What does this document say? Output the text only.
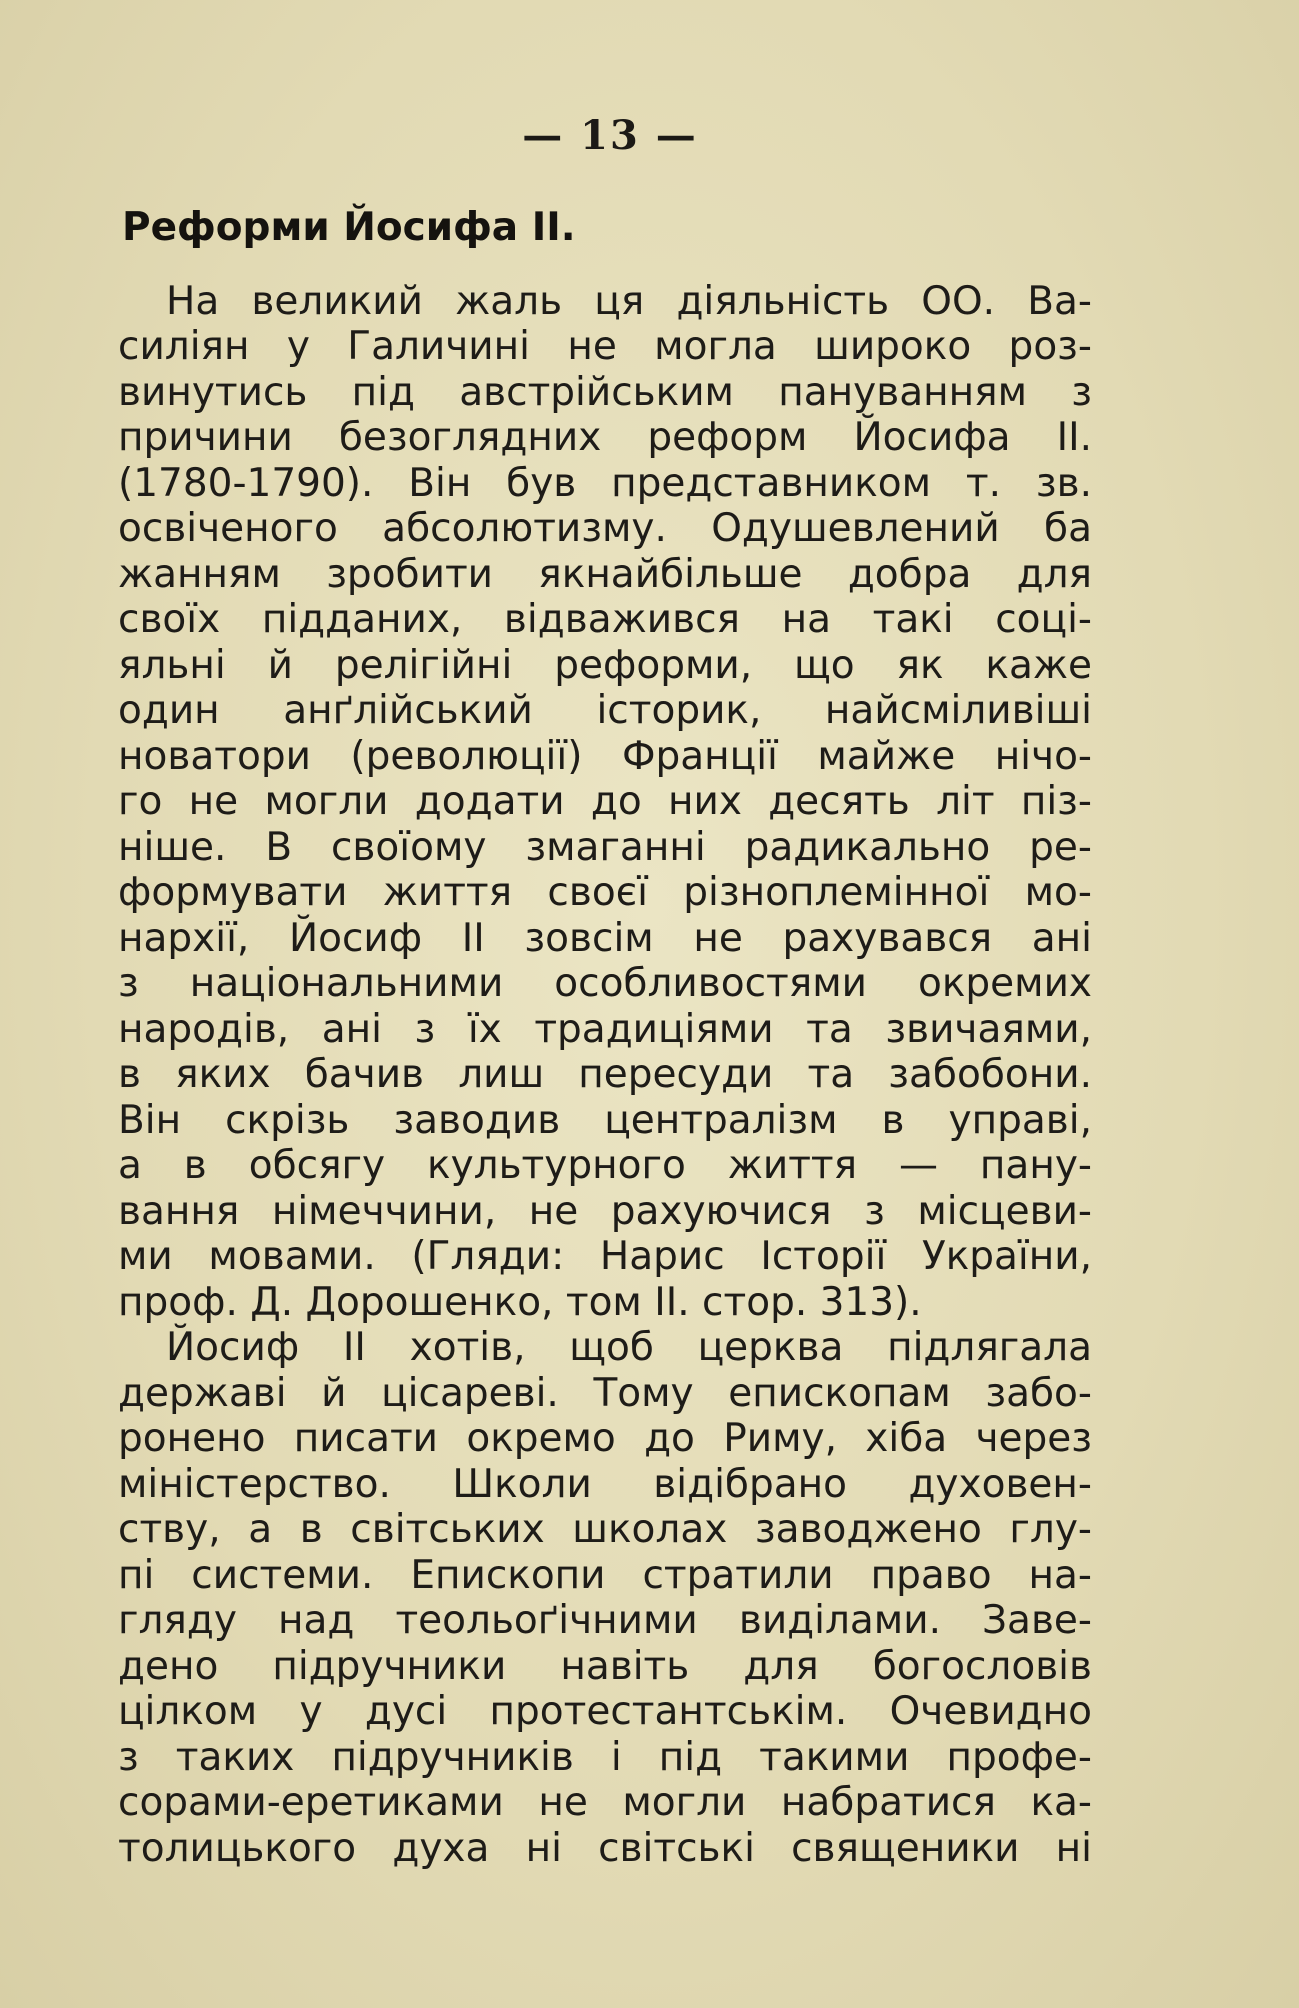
— 13 —
Реформи Йосифа II.
На великий жаль ця діяльність ОО. Ва-
силіян у Галичині не могла широко роз-
винутись під австрійським пануванням з
причини безоглядних реформ Йосифа II.
(1780-1790). Він був представником т. зв.
освіченого абсолютизму. Одушевлений ба
жанням зробити якнайбільше добра для
своїх підданих, відважився на такі соці-
яльні й релігійні реформи, що як каже
один анґлійський історик, найсміливіші
новатори (революції) Франції майже нічо-
го не могли додати до них десять літ піз-
ніше. В своїому змаганні радикально ре-
формувати життя своєї різноплемінної мо-
нархії, Йосиф II зовсім не рахувався ані
з національними особливостями окремих
народів, ані з їх традиціями та звичаями,
в яких бачив лиш пересуди та забобони.
Він скрізь заводив централізм в управі,
а в обсягу культурного життя — пану-
вання німеччини, не рахуючися з місцеви-
ми мовами. (Гляди: Нарис Історії України,
проф. Д. Дорошенко, том II. стор. 313).
Йосиф II хотів, щоб церква підлягала
державі й цісареві. Тому епископам забо-
ронено писати окремо до Риму, хіба через
міністерство. Школи відібрано духовен-
ству, а в світських школах заводжено глу-
пі системи. Епископи стратили право на-
гляду над теольоґічними виділами. Заве-
дено підручники навіть для богословів
цілком у дусі протестантськім. Очевидно
з таких підручників і під такими профе-
сорами-еретиками не могли набратися ка-
толицького духа ні світські священики ні
